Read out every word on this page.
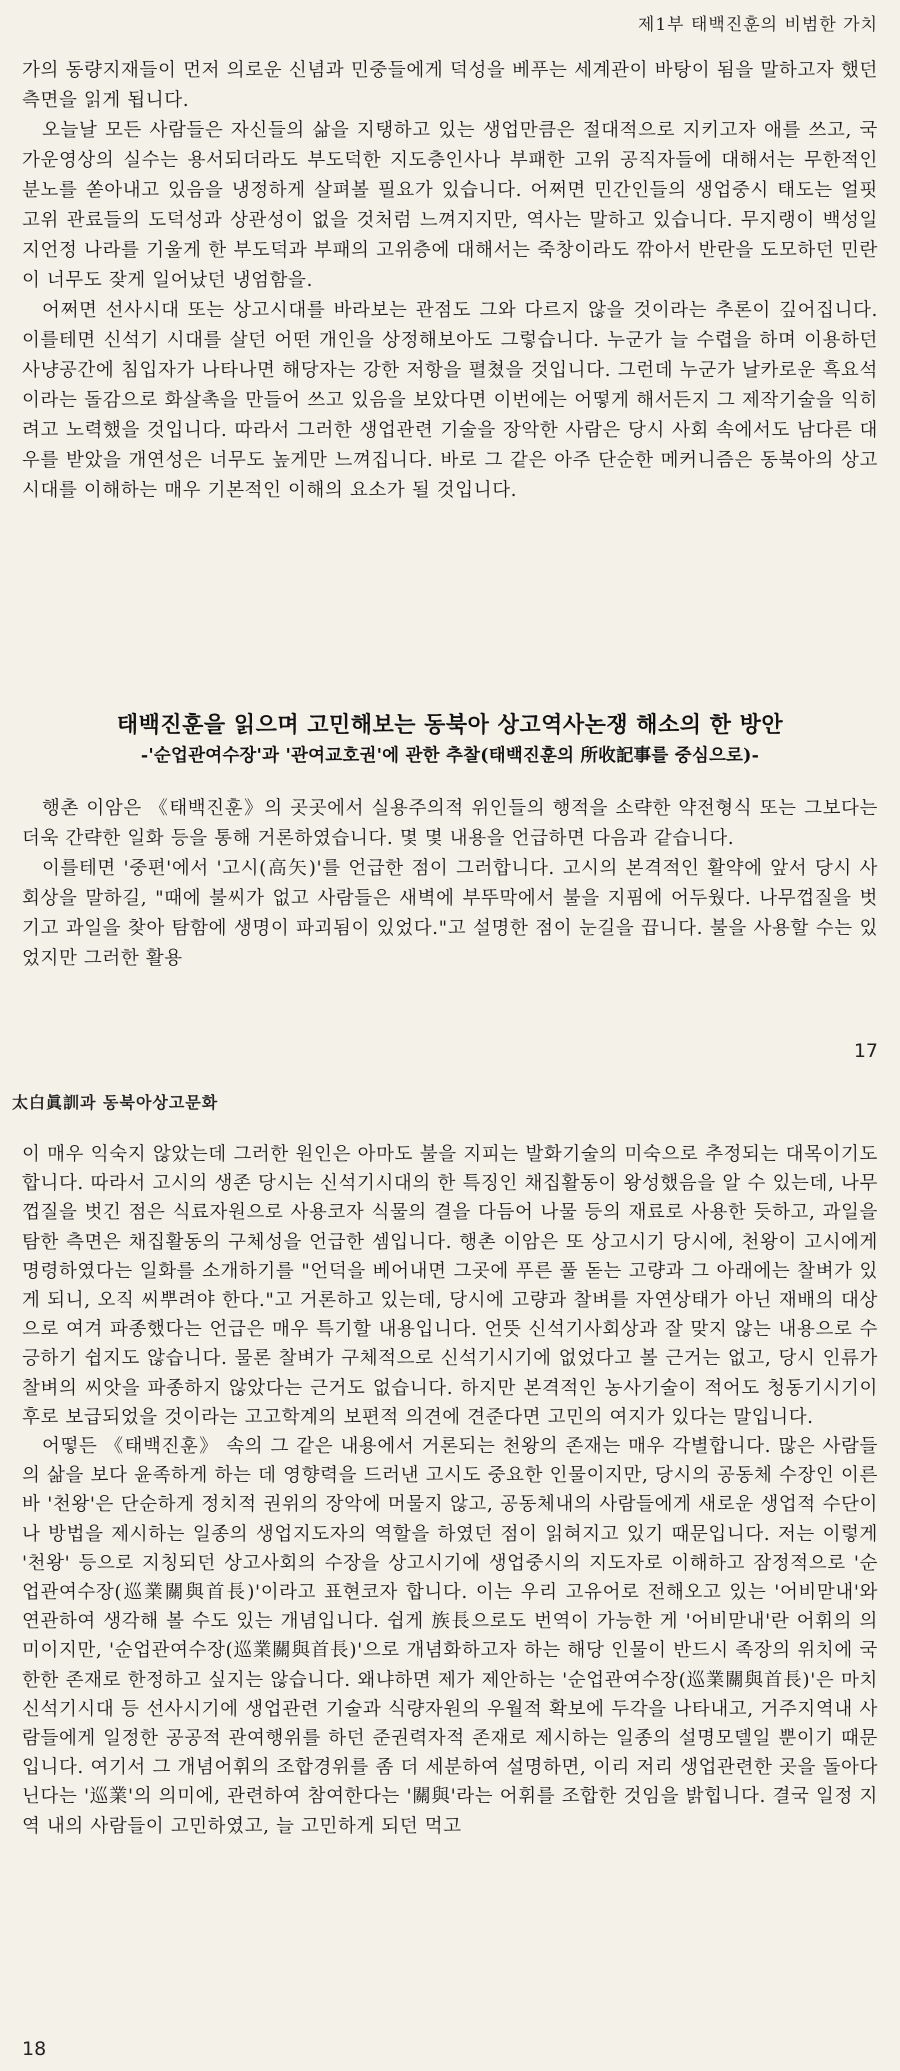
제1부 태백진훈의 비범한 가치

가의 동량지재들이 먼저 의로운 신념과 민중들에게 덕성을 베푸는 세계관이 바탕이 됨을 말하고자 했던 측면을 읽게 됩니다.

오늘날 모든 사람들은 자신들의 삶을 지탱하고 있는 생업만큼은 절대적으로 지키고자 애를 쓰고, 국가운영상의 실수는 용서되더라도 부도덕한 지도층인사나 부패한 고위 공직자들에 대해서는 무한적인 분노를 쏟아내고 있음을 냉정하게 살펴볼 필요가 있습니다. 어쩌면 민간인들의 생업중시 태도는 얼핏 고위 관료들의 도덕성과 상관성이 없을 것처럼 느껴지지만, 역사는 말하고 있습니다. 무지랭이 백성일지언정 나라를 기울게 한 부도덕과 부패의 고위층에 대해서는 죽창이라도 깎아서 반란을 도모하던 민란이 너무도 잦게 일어났던 냉엄함을.

어쩌면 선사시대 또는 상고시대를 바라보는 관점도 그와 다르지 않을 것이라는 추론이 깊어집니다. 이를테면 신석기 시대를 살던 어떤 개인을 상정해보아도 그렇습니다. 누군가 늘 수렵을 하며 이용하던 사냥공간에 침입자가 나타나면 해당자는 강한 저항을 펼쳤을 것입니다. 그런데 누군가 날카로운 흑요석이라는 돌감으로 화살촉을 만들어 쓰고 있음을 보았다면 이번에는 어떻게 해서든지 그 제작기술을 익히려고 노력했을 것입니다. 따라서 그러한 생업관련 기술을 장악한 사람은 당시 사회 속에서도 남다른 대우를 받았을 개연성은 너무도 높게만 느껴집니다. 바로 그 같은 아주 단순한 메커니즘은 동북아의 상고시대를 이해하는 매우 기본적인 이해의 요소가 될 것입니다.

태백진훈을 읽으며 고민해보는 동북아 상고역사논쟁 해소의 한 방안
-'순업관여수장'과 '관여교호권'에 관한 추찰(태백진훈의 所收記事를 중심으로)-

행촌 이암은 《태백진훈》의 곳곳에서 실용주의적 위인들의 행적을 소략한 약전형식 또는 그보다는 더욱 간략한 일화 등을 통해 거론하였습니다. 몇 몇 내용을 언급하면 다음과 같습니다.

이를테면 '중편'에서 '고시(高矢)'를 언급한 점이 그러합니다. 고시의 본격적인 활약에 앞서 당시 사회상을 말하길, "때에 불씨가 없고 사람들은 새벽에 부뚜막에서 불을 지핌에 어두웠다. 나무껍질을 벗기고 과일을 찾아 탐함에 생명이 파괴됨이 있었다."고 설명한 점이 눈길을 끕니다. 불을 사용할 수는 있었지만 그러한 활용

17
太白眞訓과 동북아상고문화

이 매우 익숙지 않았는데 그러한 원인은 아마도 불을 지피는 발화기술의 미숙으로 추정되는 대목이기도 합니다. 따라서 고시의 생존 당시는 신석기시대의 한 특징인 채집활동이 왕성했음을 알 수 있는데, 나무껍질을 벗긴 점은 식료자원으로 사용코자 식물의 결을 다듬어 나물 등의 재료로 사용한 듯하고, 과일을 탐한 측면은 채집활동의 구체성을 언급한 셈입니다. 행촌 이암은 또 상고시기 당시에, 천왕이 고시에게 명령하였다는 일화를 소개하기를 "언덕을 베어내면 그곳에 푸른 풀 돋는 고량과 그 아래에는 찰벼가 있게 되니, 오직 씨뿌려야 한다."고 거론하고 있는데, 당시에 고량과 찰벼를 자연상태가 아닌 재배의 대상으로 여겨 파종했다는 언급은 매우 특기할 내용입니다. 언뜻 신석기사회상과 잘 맞지 않는 내용으로 수긍하기 쉽지도 않습니다. 물론 찰벼가 구체적으로 신석기시기에 없었다고 볼 근거는 없고, 당시 인류가 찰벼의 씨앗을 파종하지 않았다는 근거도 없습니다. 하지만 본격적인 농사기술이 적어도 청동기시기이후로 보급되었을 것이라는 고고학계의 보편적 의견에 견준다면 고민의 여지가 있다는 말입니다.

어떻든 《태백진훈》 속의 그 같은 내용에서 거론되는 천왕의 존재는 매우 각별합니다. 많은 사람들의 삶을 보다 윤족하게 하는 데 영향력을 드러낸 고시도 중요한 인물이지만, 당시의 공동체 수장인 이른바 '천왕'은 단순하게 정치적 권위의 장악에 머물지 않고, 공동체내의 사람들에게 새로운 생업적 수단이나 방법을 제시하는 일종의 생업지도자의 역할을 하였던 점이 읽혀지고 있기 때문입니다. 저는 이렇게 '천왕' 등으로 지칭되던 상고사회의 수장을 상고시기에 생업중시의 지도자로 이해하고 잠정적으로 '순업관여수장(巡業關與首長)'이라고 표현코자 합니다. 이는 우리 고유어로 전해오고 있는 '어비맏내'와 연관하여 생각해 볼 수도 있는 개념입니다. 쉽게 族長으로도 번역이 가능한 게 '어비맏내'란 어휘의 의미이지만, '순업관여수장(巡業關與首長)'으로 개념화하고자 하는 해당 인물이 반드시 족장의 위치에 국한한 존재로 한정하고 싶지는 않습니다. 왜냐하면 제가 제안하는 '순업관여수장(巡業關與首長)'은 마치 신석기시대 등 선사시기에 생업관련 기술과 식량자원의 우월적 확보에 두각을 나타내고, 거주지역내 사람들에게 일정한 공공적 관여행위를 하던 준권력자적 존재로 제시하는 일종의 설명모델일 뿐이기 때문입니다. 여기서 그 개념어휘의 조합경위를 좀 더 세분하여 설명하면, 이리 저리 생업관련한 곳을 돌아다닌다는 '巡業'의 의미에, 관련하여 참여한다는 '關與'라는 어휘를 조합한 것임을 밝힙니다. 결국 일정 지역 내의 사람들이 고민하였고, 늘 고민하게 되던 먹고

18
